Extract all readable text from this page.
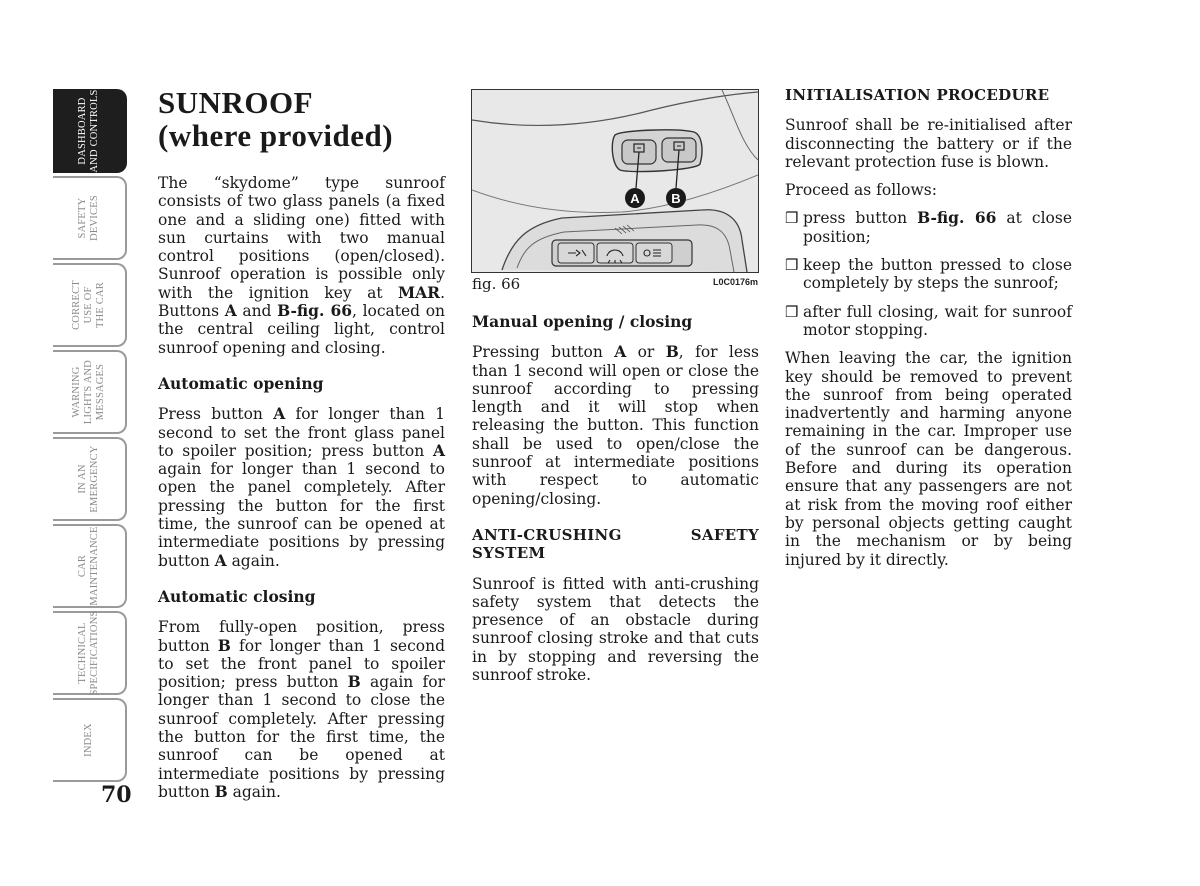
DASHBOARD
AND CONTROLS
SAFETY
DEVICES
CORRECT
USE OF
THE CAR
WARNING
LIGHTS AND
MESSAGES
IN AN
EMERGENCY
CAR
MAINTENANCE
TECHNICAL
SPECIFICATIONS
INDEX
70
SUNROOF
(where provided)

The “skydome” type sunroof consists of two glass panels (a fixed one and a sliding one) fitted with sun curtains with two manual control positions (open/closed). Sunroof operation is possible only with the ignition key at MAR. Buttons A and B-fig. 66, located on the central ceiling light, control sunroof opening and closing.

Automatic opening

Press button A for longer than 1 second to set the front glass panel to spoiler position; press button A again for longer than 1 second to open the panel completely. After pressing the button for the first time, the sunroof can be opened at intermediate positions by pressing button A again.

Automatic closing

From fully-open position, press button B for longer than 1 second to set the front panel to spoiler position; press button B again for longer than 1 second to close the sunroof completely. After pressing the button for the first time, the sunroof can be opened at intermediate positions by pressing button B again.

A B
fig. 66	L0C0176m

Manual opening / closing

Pressing button A or B, for less than 1 second will open or close the sunroof according to pressing length and it will stop when releasing the button. This function shall be used to open/close the sunroof at intermediate positions with respect to automatic opening/closing.

ANTI-CRUSHING SAFETY SYSTEM

Sunroof is fitted with anti-crushing safety system that detects the presence of an obstacle during sunroof closing stroke and that cuts in by stopping and reversing the sunroof stroke.

INITIALISATION PROCEDURE

Sunroof shall be re-initialised after disconnecting the battery or if the relevant protection fuse is blown.

Proceed as follows:

❒ press button B-fig. 66 at close position;
❒ keep the button pressed to close completely by steps the sunroof;
❒ after full closing, wait for sunroof motor stopping.

When leaving the car, the ignition key should be removed to prevent the sunroof from being operated inadvertently and harming anyone remaining in the car. Improper use of the sunroof can be dangerous. Before and during its operation ensure that any passengers are not at risk from the moving roof either by personal objects getting caught in the mechanism or by being injured by it directly.
